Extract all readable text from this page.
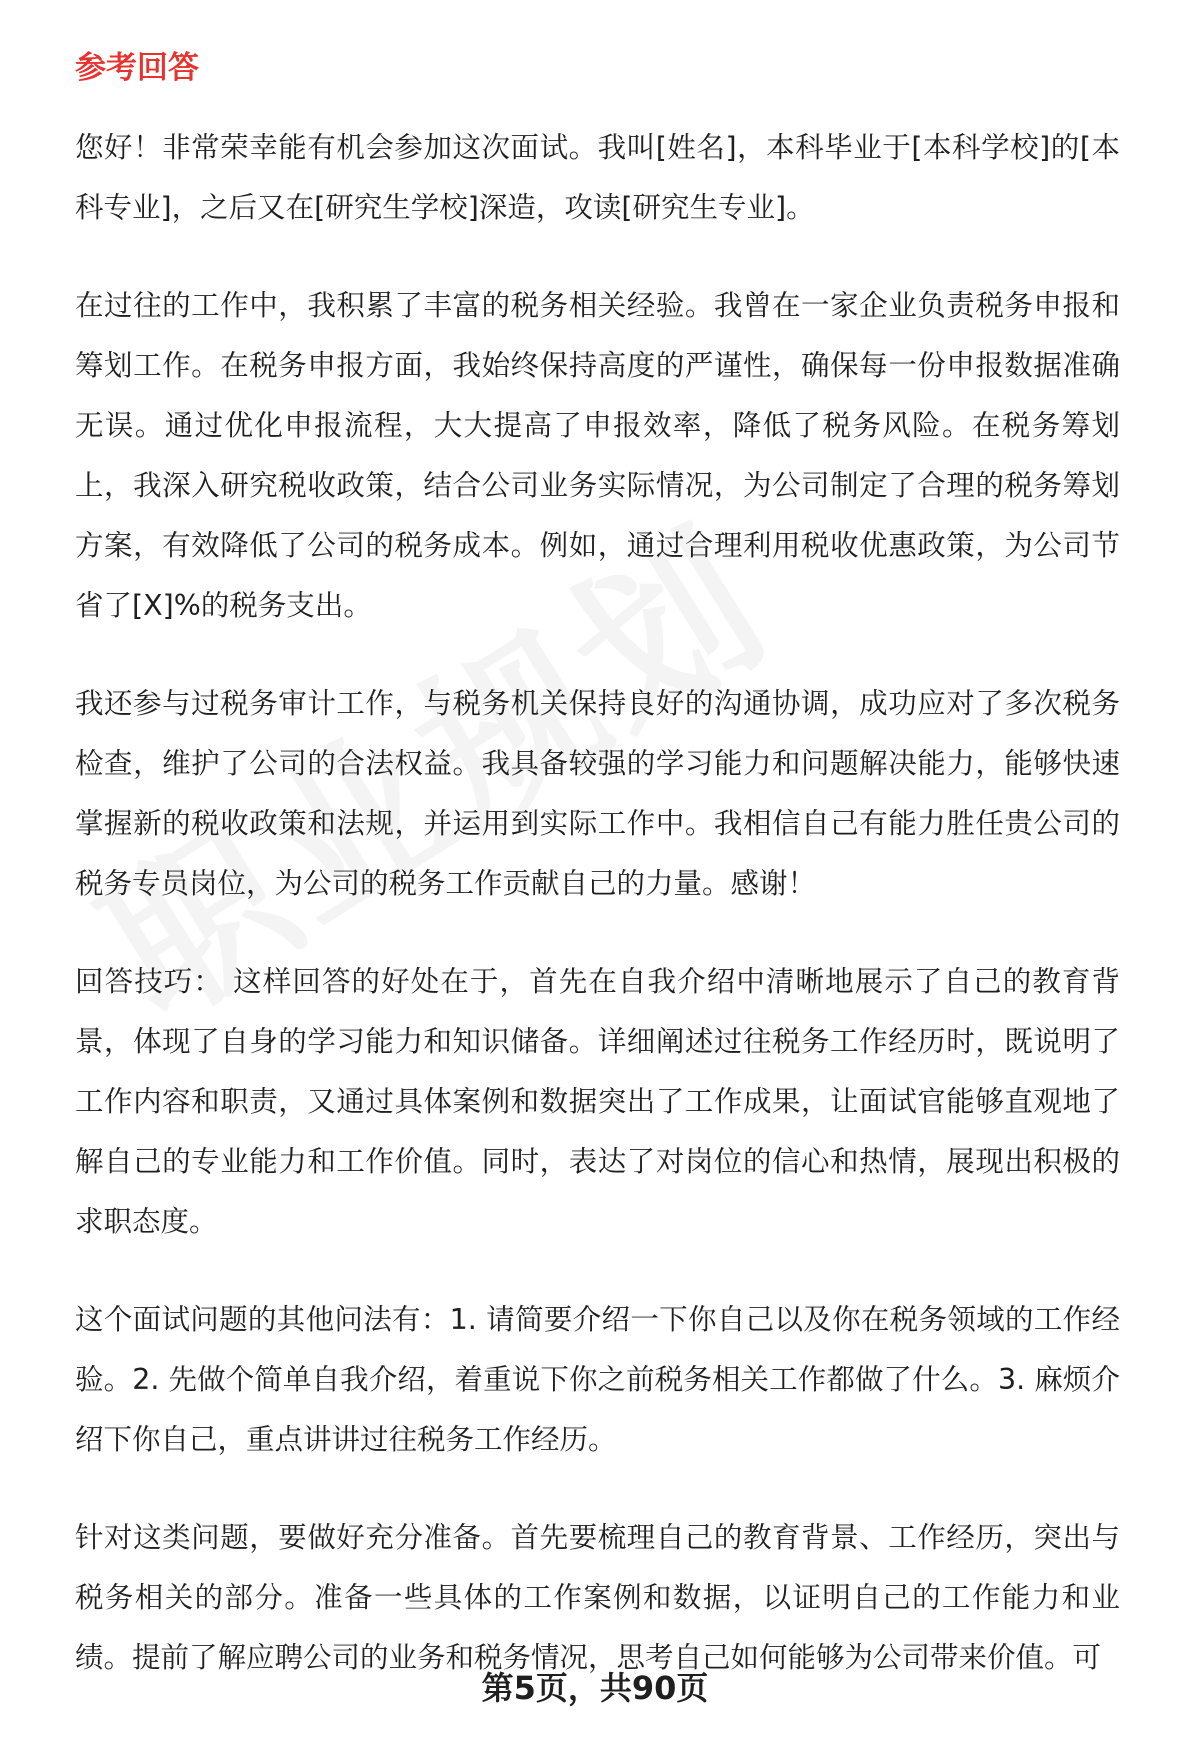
参考回答

您好！非常荣幸能有机会参加这次面试。我叫[姓名]，本科毕业于[本科学校]的[本科专业]，之后又在[研究生学校]深造，攻读[研究生专业]。

在过往的工作中，我积累了丰富的税务相关经验。我曾在一家企业负责税务申报和筹划工作。在税务申报方面，我始终保持高度的严谨性，确保每一份申报数据准确无误。通过优化申报流程，大大提高了申报效率，降低了税务风险。在税务筹划上，我深入研究税收政策，结合公司业务实际情况，为公司制定了合理的税务筹划方案，有效降低了公司的税务成本。例如，通过合理利用税收优惠政策，为公司节省了[X]%的税务支出。

我还参与过税务审计工作，与税务机关保持良好的沟通协调，成功应对了多次税务检查，维护了公司的合法权益。我具备较强的学习能力和问题解决能力，能够快速掌握新的税收政策和法规，并运用到实际工作中。我相信自己有能力胜任贵公司的税务专员岗位，为公司的税务工作贡献自己的力量。感谢！

回答技巧： 这样回答的好处在于，首先在自我介绍中清晰地展示了自己的教育背景，体现了自身的学习能力和知识储备。详细阐述过往税务工作经历时，既说明了工作内容和职责，又通过具体案例和数据突出了工作成果，让面试官能够直观地了解自己的专业能力和工作价值。同时，表达了对岗位的信心和热情，展现出积极的求职态度。

这个面试问题的其他问法有：1. 请简要介绍一下你自己以及你在税务领域的工作经验。2. 先做个简单自我介绍，着重说下你之前税务相关工作都做了什么。3. 麻烦介绍下你自己，重点讲讲过往税务工作经历。

针对这类问题，要做好充分准备。首先要梳理自己的教育背景、工作经历，突出与税务相关的部分。准备一些具体的工作案例和数据，以证明自己的工作能力和业绩。提前了解应聘公司的业务和税务情况，思考自己如何能够为公司带来价值。可

第5页，共90页
